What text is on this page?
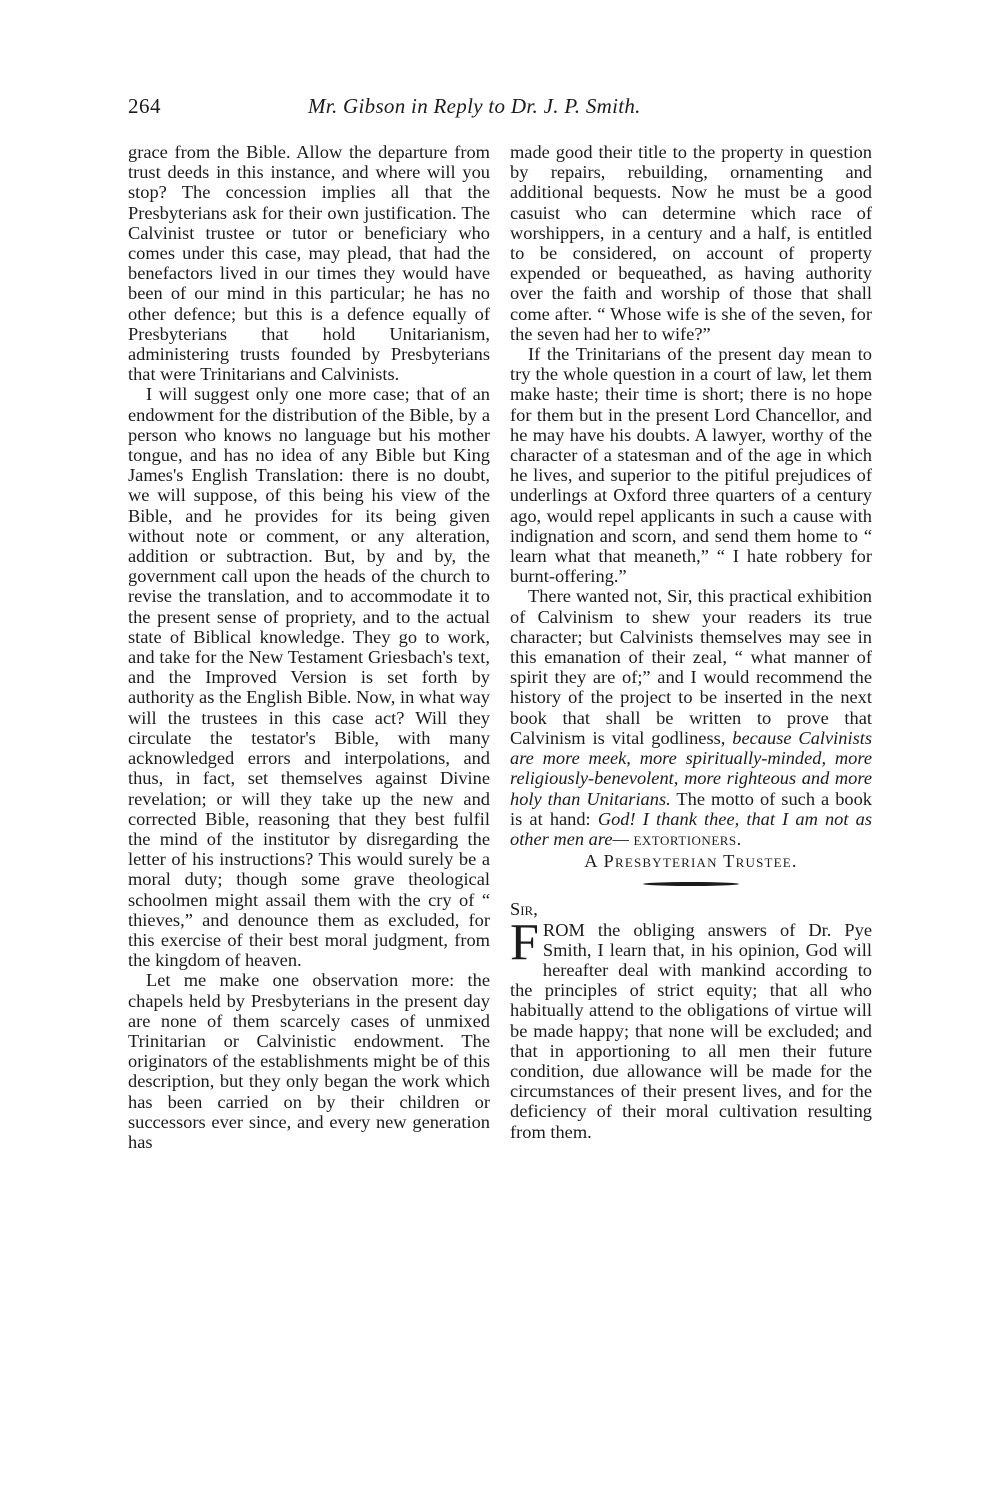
264	Mr. Gibson in Reply to Dr. J. P. Smith.

grace from the Bible. Allow the departure from trust deeds in this instance, and where will you stop? The concession implies all that the Presbyterians ask for their own justification. The Calvinist trustee or tutor or beneficiary who comes under this case, may plead, that had the benefactors lived in our times they would have been of our mind in this particular; he has no other defence; but this is a defence equally of Presbyterians that hold Unitarianism, administering trusts founded by Presbyterians that were Trinitarians and Calvinists.

I will suggest only one more case; that of an endowment for the distribution of the Bible, by a person who knows no language but his mother tongue, and has no idea of any Bible but King James's English Translation: there is no doubt, we will suppose, of this being his view of the Bible, and he provides for its being given without note or comment, or any alteration, addition or subtraction. But, by and by, the government call upon the heads of the church to revise the translation, and to accommodate it to the present sense of propriety, and to the actual state of Biblical knowledge. They go to work, and take for the New Testament Griesbach's text, and the Improved Version is set forth by authority as the English Bible. Now, in what way will the trustees in this case act? Will they circulate the testator's Bible, with many acknowledged errors and interpolations, and thus, in fact, set themselves against Divine revelation; or will they take up the new and corrected Bible, reasoning that they best fulfil the mind of the institutor by disregarding the letter of his instructions? This would surely be a moral duty; though some grave theological schoolmen might assail them with the cry of “ thieves,” and denounce them as excluded, for this exercise of their best moral judgment, from the kingdom of heaven.

Let me make one observation more: the chapels held by Presbyterians in the present day are none of them scarcely cases of unmixed Trinitarian or Calvinistic endowment. The originators of the establishments might be of this description, but they only began the work which has been carried on by their children or successors ever since, and every new generation has

made good their title to the property in question by repairs, rebuilding, ornamenting and additional bequests. Now he must be a good casuist who can determine which race of worshippers, in a century and a half, is entitled to be considered, on account of property expended or bequeathed, as having authority over the faith and worship of those that shall come after. “ Whose wife is she of the seven, for the seven had her to wife?”

If the Trinitarians of the present day mean to try the whole question in a court of law, let them make haste; their time is short; there is no hope for them but in the present Lord Chancellor, and he may have his doubts. A lawyer, worthy of the character of a statesman and of the age in which he lives, and superior to the pitiful prejudices of underlings at Oxford three quarters of a century ago, would repel applicants in such a cause with indignation and scorn, and send them home to “ learn what that meaneth,” “ I hate robbery for burnt-offering.”

There wanted not, Sir, this practical exhibition of Calvinism to shew your readers its true character; but Calvinists themselves may see in this emanation of their zeal, “ what manner of spirit they are of;” and I would recommend the history of the project to be inserted in the next book that shall be written to prove that Calvinism is vital godliness, because Calvinists are more meek, more spiritually-minded, more religiously-benevolent, more righteous and more holy than Unitarians. The motto of such a book is at hand: God! I thank thee, that I am not as other men are— extortioners.

A Presbyterian Trustee.

Sir,

FROM the obliging answers of Dr. Pye Smith, I learn that, in his opinion, God will hereafter deal with mankind according to the principles of strict equity; that all who habitually attend to the obligations of virtue will be made happy; that none will be excluded; and that in apportioning to all men their future condition, due allowance will be made for the circumstances of their present lives, and for the deficiency of their moral cultivation resulting from them.
